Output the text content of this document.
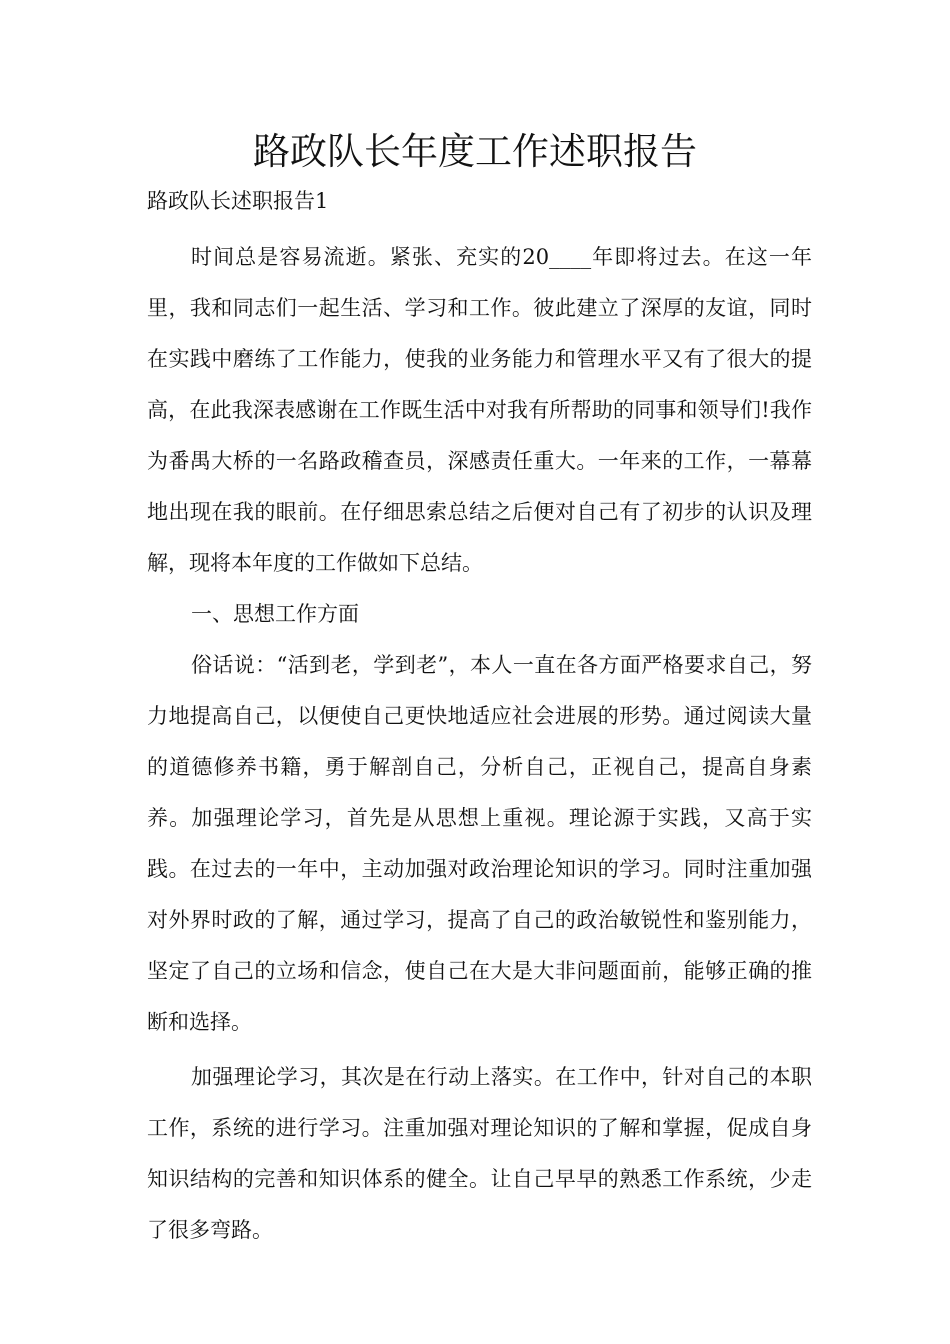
路政队长年度工作述职报告

路政队长述职报告1

时间总是容易流逝。紧张、充实的20____年即将过去。在这一年里，我和同志们一起生活、学习和工作。彼此建立了深厚的友谊，同时在实践中磨练了工作能力，使我的业务能力和管理水平又有了很大的提高，在此我深表感谢在工作既生活中对我有所帮助的同事和领导们!我作为番禺大桥的一名路政稽查员，深感责任重大。一年来的工作，一幕幕地出现在我的眼前。在仔细思索总结之后便对自己有了初步的认识及理解，现将本年度的工作做如下总结。

一、思想工作方面

俗话说：“活到老，学到老”，本人一直在各方面严格要求自己，努力地提高自己，以便使自己更快地适应社会进展的形势。通过阅读大量的道德修养书籍，勇于解剖自己，分析自己，正视自己，提高自身素养。加强理论学习，首先是从思想上重视。理论源于实践，又高于实践。在过去的一年中，主动加强对政治理论知识的学习。同时注重加强对外界时政的了解，通过学习，提高了自己的政治敏锐性和鉴别能力，坚定了自己的立场和信念，使自己在大是大非问题面前，能够正确的推断和选择。

加强理论学习，其次是在行动上落实。在工作中，针对自己的本职工作，系统的进行学习。注重加强对理论知识的了解和掌握，促成自身知识结构的完善和知识体系的健全。让自己早早的熟悉工作系统，少走了很多弯路。
